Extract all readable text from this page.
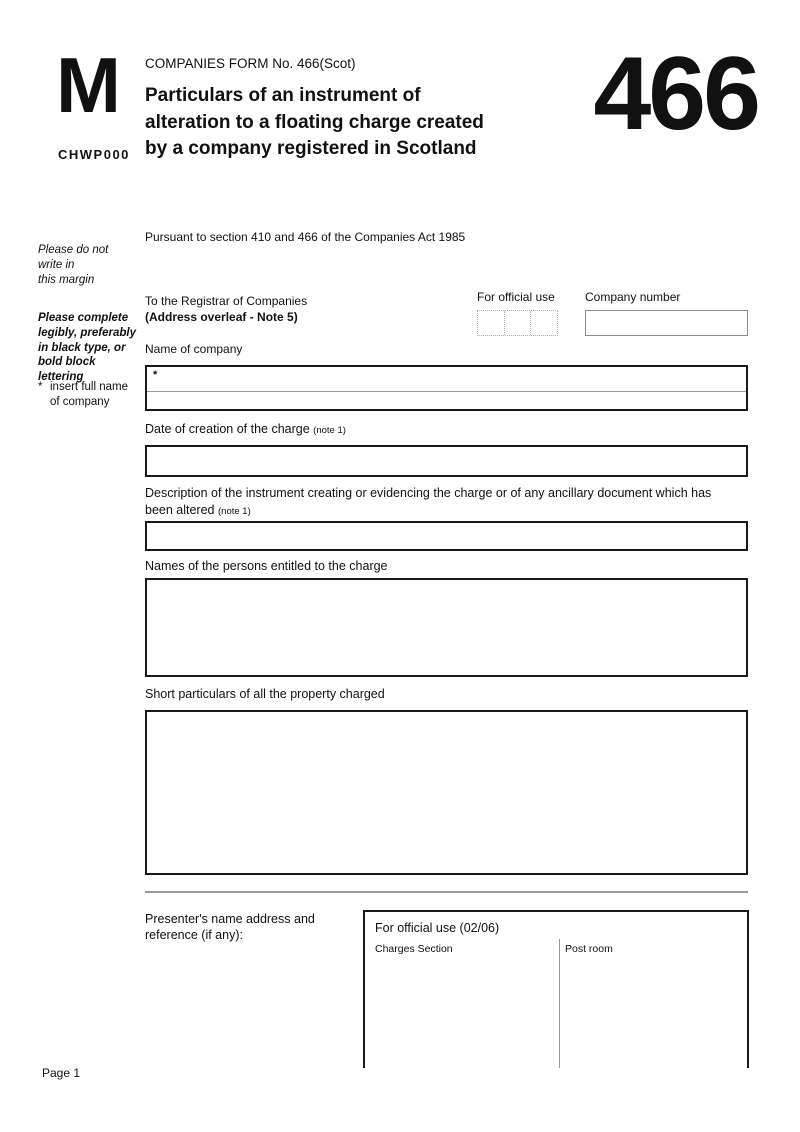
M
CHWP000
COMPANIES FORM No. 466(Scot)
Particulars of an instrument of
alteration to a floating charge created
by a company registered in Scotland 466
Pursuant to section 410 and 466 of the Companies Act 1985
Please do not
write in
this margin
To the Registrar of Companies
(Address overleaf - Note 5)
For official use	Company number
Please complete
legibly, preferably
in black type, or
bold block lettering
Name of company
*
* insert full name
of company
Date of creation of the charge (note 1)
Description of the instrument creating or evidencing the charge or of any ancillary document which has been altered (note 1)
Names of the persons entitled to the charge
Short particulars of all the property charged
Presenter's name address and
reference (if any):	For official use (02/06)
Charges Section	Post room
Page 1
